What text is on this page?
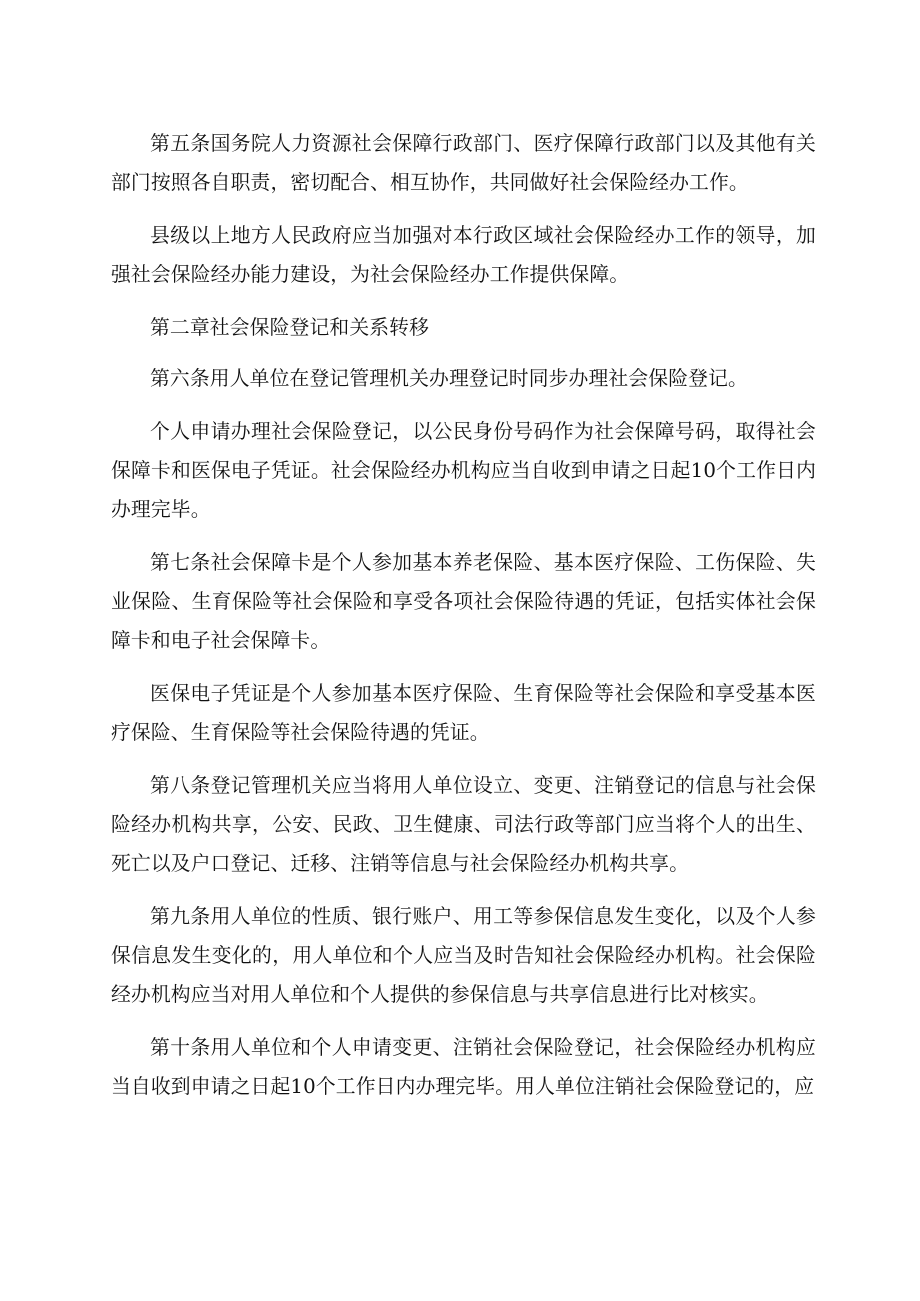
第五条国务院人力资源社会保障行政部门、医疗保障行政部门以及其他有关部门按照各自职责，密切配合、相互协作，共同做好社会保险经办工作。

县级以上地方人民政府应当加强对本行政区域社会保险经办工作的领导，加强社会保险经办能力建设，为社会保险经办工作提供保障。

第二章社会保险登记和关系转移

第六条用人单位在登记管理机关办理登记时同步办理社会保险登记。

个人申请办理社会保险登记，以公民身份号码作为社会保障号码，取得社会保障卡和医保电子凭证。社会保险经办机构应当自收到申请之日起10个工作日内办理完毕。

第七条社会保障卡是个人参加基本养老保险、基本医疗保险、工伤保险、失业保险、生育保险等社会保险和享受各项社会保险待遇的凭证，包括实体社会保障卡和电子社会保障卡。

医保电子凭证是个人参加基本医疗保险、生育保险等社会保险和享受基本医疗保险、生育保险等社会保险待遇的凭证。

第八条登记管理机关应当将用人单位设立、变更、注销登记的信息与社会保险经办机构共享，公安、民政、卫生健康、司法行政等部门应当将个人的出生、死亡以及户口登记、迁移、注销等信息与社会保险经办机构共享。

第九条用人单位的性质、银行账户、用工等参保信息发生变化，以及个人参保信息发生变化的，用人单位和个人应当及时告知社会保险经办机构。社会保险经办机构应当对用人单位和个人提供的参保信息与共享信息进行比对核实。

第十条用人单位和个人申请变更、注销社会保险登记，社会保险经办机构应当自收到申请之日起10个工作日内办理完毕。用人单位注销社会保险登记的，应
